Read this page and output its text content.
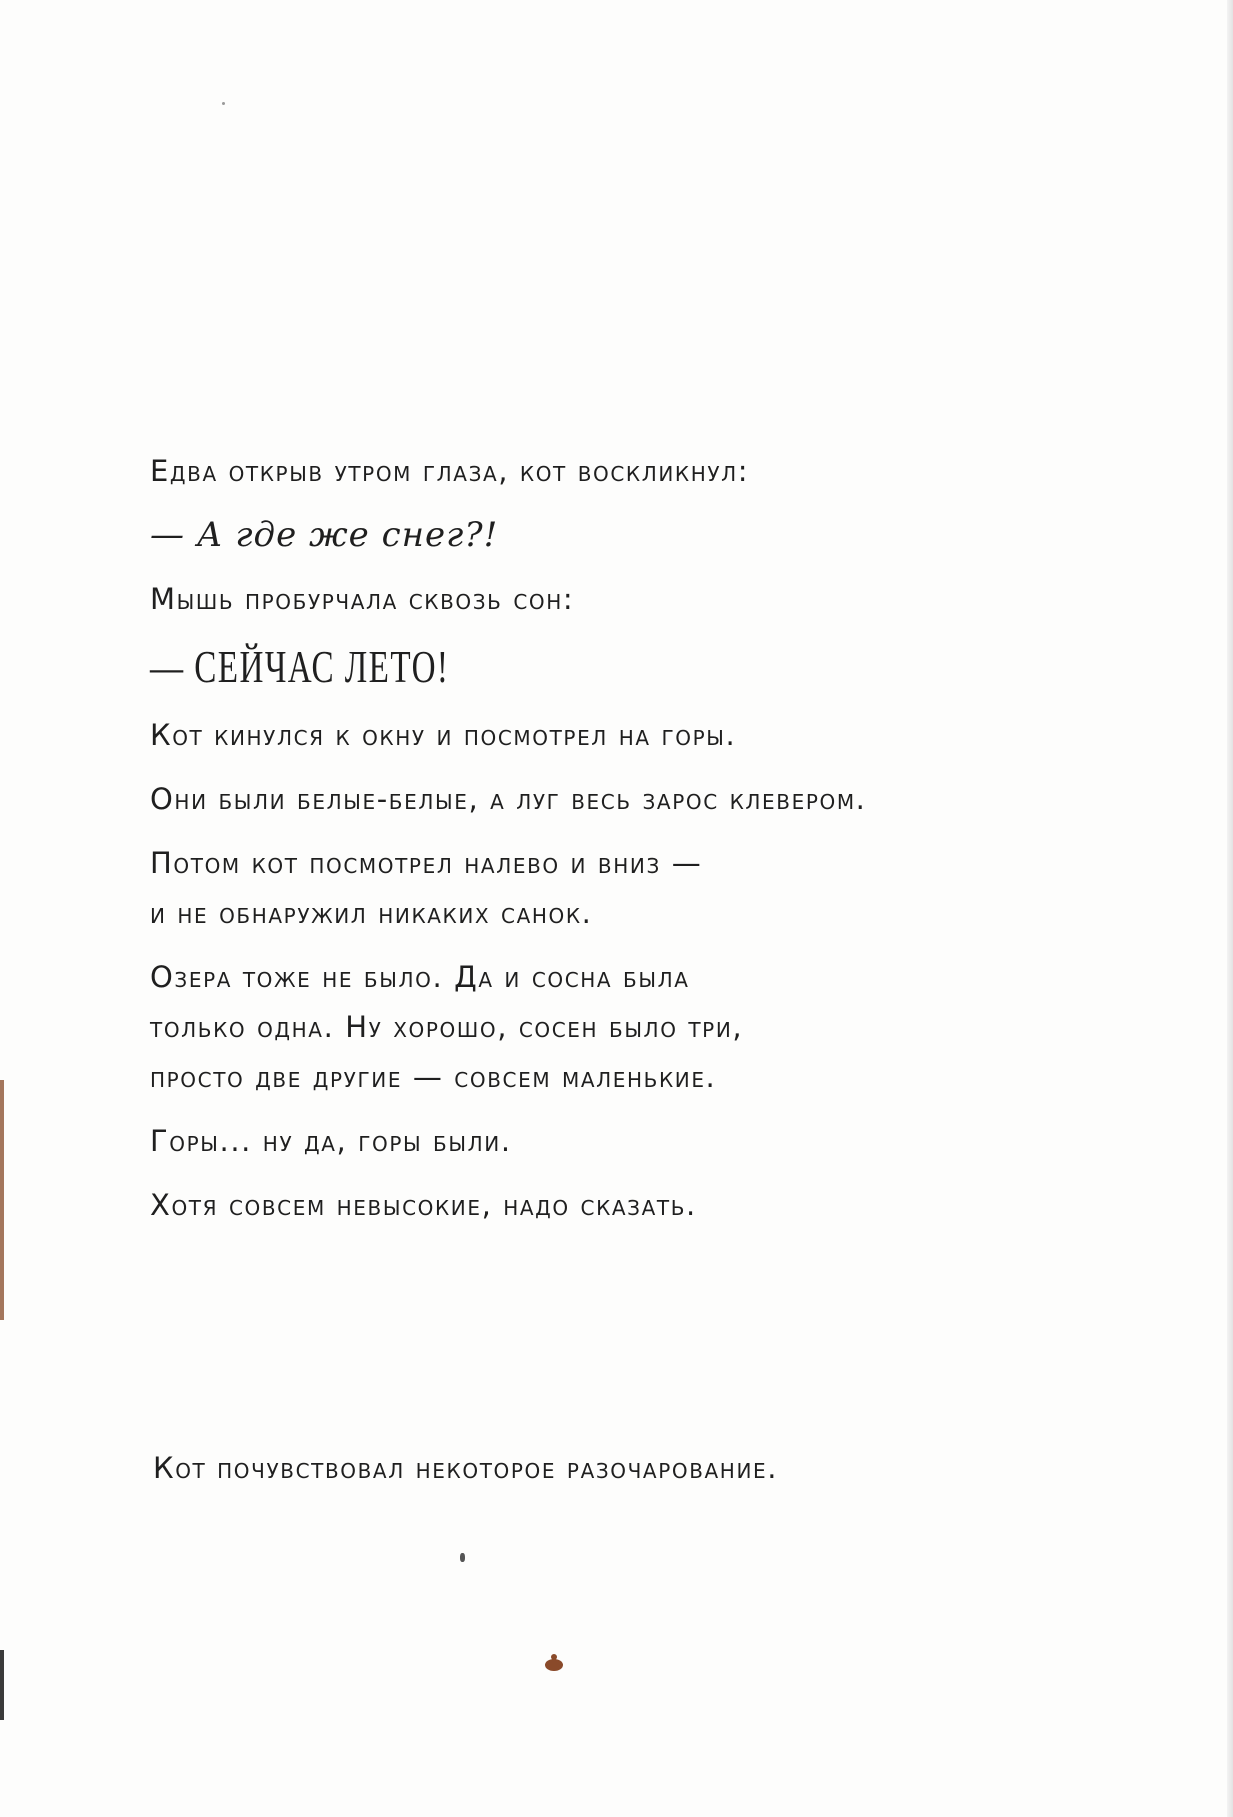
Едва открыв утром глаза, кот воскликнул:

— А где же снег?!

Мышь пробурчала сквозь сон:

— СЕЙЧАС ЛЕТО!

Кот кинулся к окну и посмотрел на горы.

Они были белые-белые, а луг весь зарос клевером.

Потом кот посмотрел налево и вниз —

и не обнаружил никаких санок.

Озера тоже не было. Да и сосна была

только одна. Ну хорошо, сосен было три,

просто две другие — совсем маленькие.

Горы... ну да, горы были.

Хотя совсем невысокие, надо сказать.

Кот почувствовал некоторое разочарование.
